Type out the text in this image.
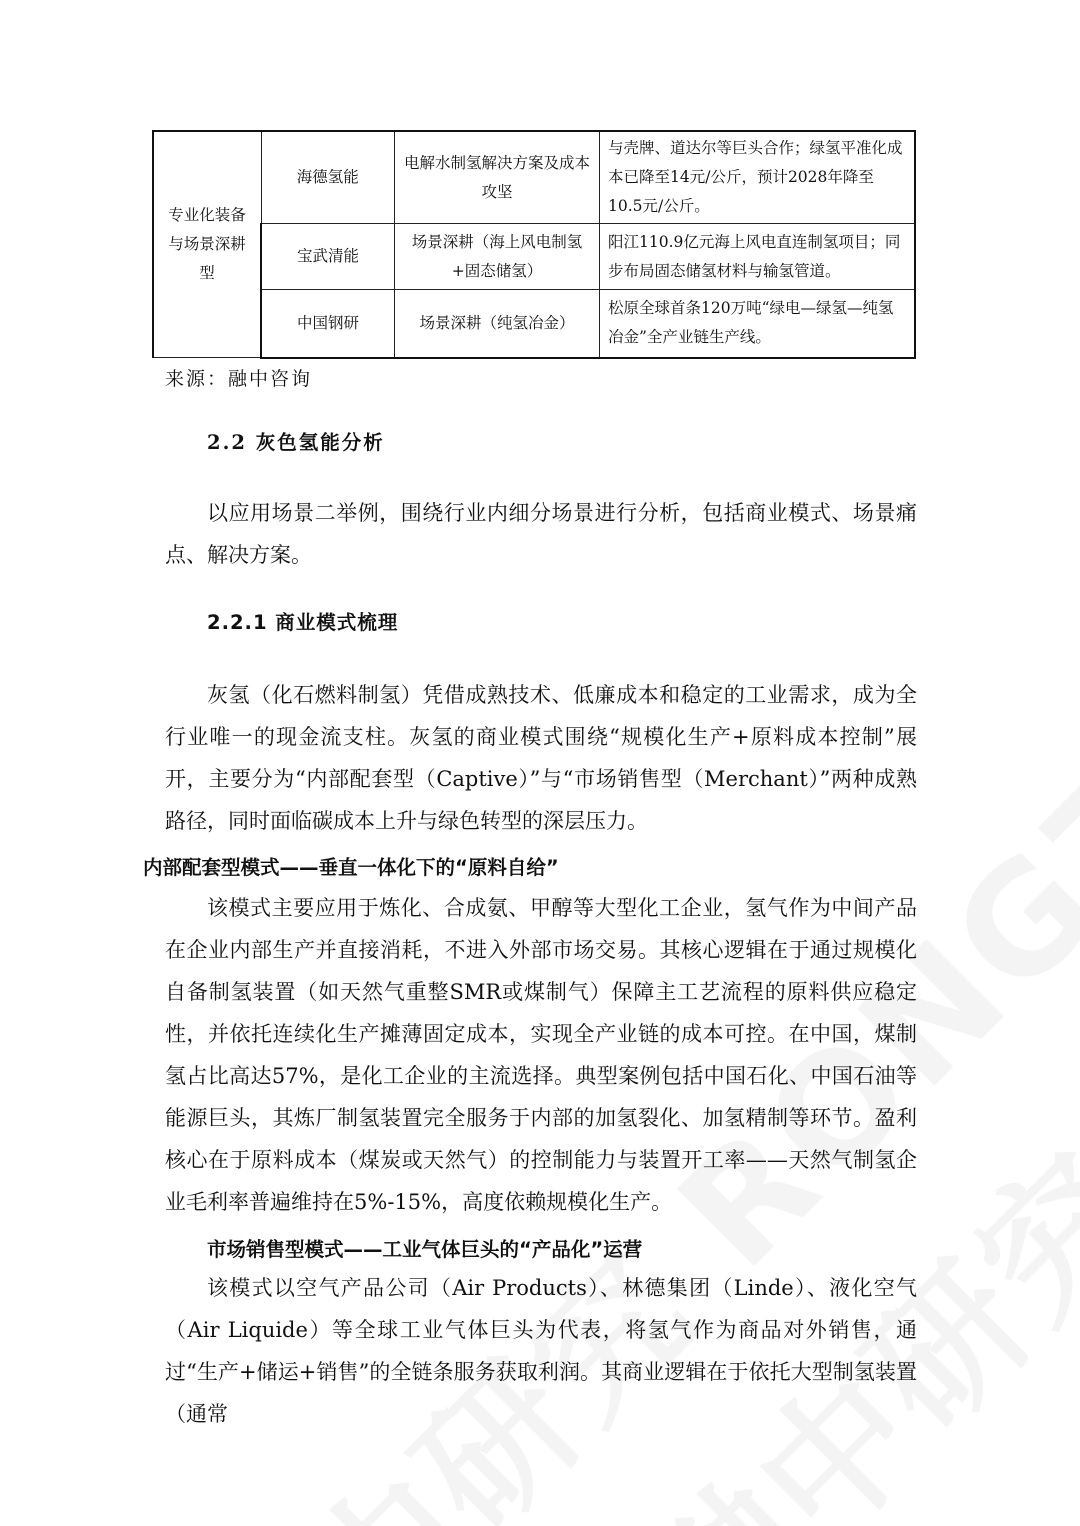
专业化装备与场景深耕型	海德氢能	电解水制氢解决方案及成本攻坚	与壳牌、道达尔等巨头合作；绿氢平准化成本已降至14元/公斤，预计2028年降至10.5元/公斤。
	宝武清能	场景深耕（海上风电制氢+固态储氢）	阳江110.9亿元海上风电直连制氢项目；同步布局固态储氢材料与输氢管道。
	中国钢研	场景深耕（纯氢冶金）	松原全球首条120万吨“绿电—绿氢—纯氢冶金”全产业链生产线。
来源：融中咨询
2.2 灰色氢能分析

以应用场景二举例，围绕行业内细分场景进行分析，包括商业模式、场景痛点、解决方案。

2.2.1 商业模式梳理

灰氢（化石燃料制氢）凭借成熟技术、低廉成本和稳定的工业需求，成为全行业唯一的现金流支柱。灰氢的商业模式围绕“规模化生产+原料成本控制”展开，主要分为“内部配套型（Captive）”与“市场销售型（Merchant）”两种成熟路径，同时面临碳成本上升与绿色转型的深层压力。

内部配套型模式——垂直一体化下的“原料自给”

该模式主要应用于炼化、合成氨、甲醇等大型化工企业，氢气作为中间产品在企业内部生产并直接消耗，不进入外部市场交易。其核心逻辑在于通过规模化自备制氢装置（如天然气重整SMR或煤制气）保障主工艺流程的原料供应稳定性，并依托连续化生产摊薄固定成本，实现全产业链的成本可控。在中国，煤制氢占比高达57%，是化工企业的主流选择。典型案例包括中国石化、中国石油等能源巨头，其炼厂制氢装置完全服务于内部的加氢裂化、加氢精制等环节。盈利核心在于原料成本（煤炭或天然气）的控制能力与装置开工率——天然气制氢企业毛利率普遍维持在5%-15%，高度依赖规模化生产。

市场销售型模式——工业气体巨头的“产品化”运营

该模式以空气产品公司（Air Products）、林德集团（Linde）、液化空气（Air Liquide）等全球工业气体巨头为代表，将氢气作为商品对外销售，通过“生产+储运+销售”的全链条服务获取利润。其商业逻辑在于依托大型制氢装置（通常
